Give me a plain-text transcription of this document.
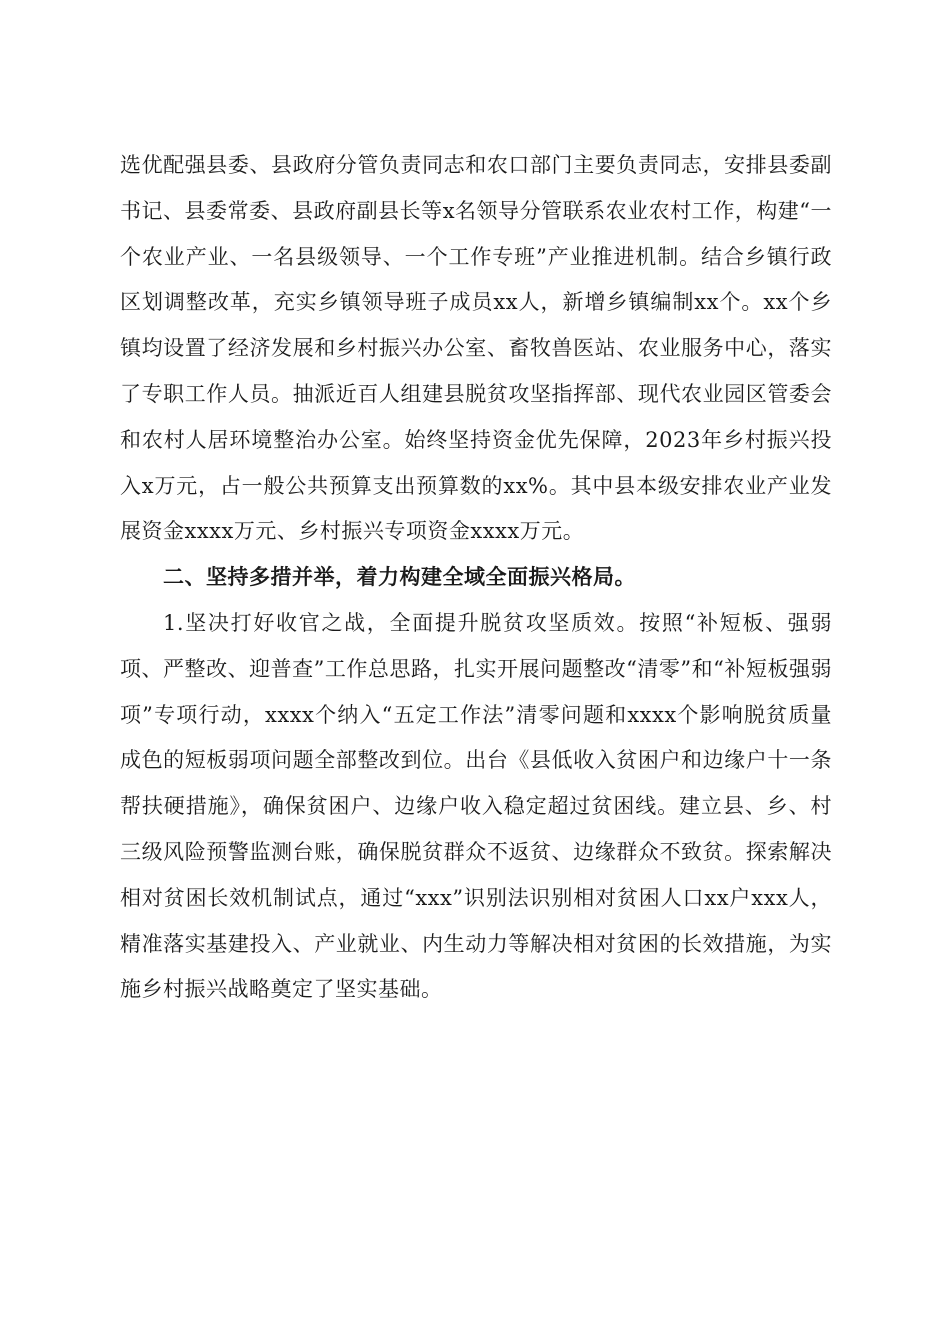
选优配强县委、县政府分管负责同志和农口部门主要负责同志，安排县委副书记、县委常委、县政府副县长等x名领导分管联系农业农村工作，构建“一个农业产业、一名县级领导、一个工作专班”产业推进机制。结合乡镇行政区划调整改革，充实乡镇领导班子成员xx人，新增乡镇编制xx个。xx个乡镇均设置了经济发展和乡村振兴办公室、畜牧兽医站、农业服务中心，落实了专职工作人员。抽派近百人组建县脱贫攻坚指挥部、现代农业园区管委会和农村人居环境整治办公室。始终坚持资金优先保障，2023年乡村振兴投入x万元，占一般公共预算支出预算数的xx%。其中县本级安排农业产业发展资金xxxx万元、乡村振兴专项资金xxxx万元。

二、坚持多措并举，着力构建全域全面振兴格局。

1.坚决打好收官之战，全面提升脱贫攻坚质效。按照“补短板、强弱项、严整改、迎普查”工作总思路，扎实开展问题整改“清零”和“补短板强弱项”专项行动，xxxx个纳入“五定工作法”清零问题和xxxx个影响脱贫质量成色的短板弱项问题全部整改到位。出台《县低收入贫困户和边缘户十一条帮扶硬措施》，确保贫困户、边缘户收入稳定超过贫困线。建立县、乡、村三级风险预警监测台账，确保脱贫群众不返贫、边缘群众不致贫。探索解决相对贫困长效机制试点，通过“xxx”识别法识别相对贫困人口xx户xxx人，精准落实基建投入、产业就业、内生动力等解决相对贫困的长效措施，为实施乡村振兴战略奠定了坚实基础。
